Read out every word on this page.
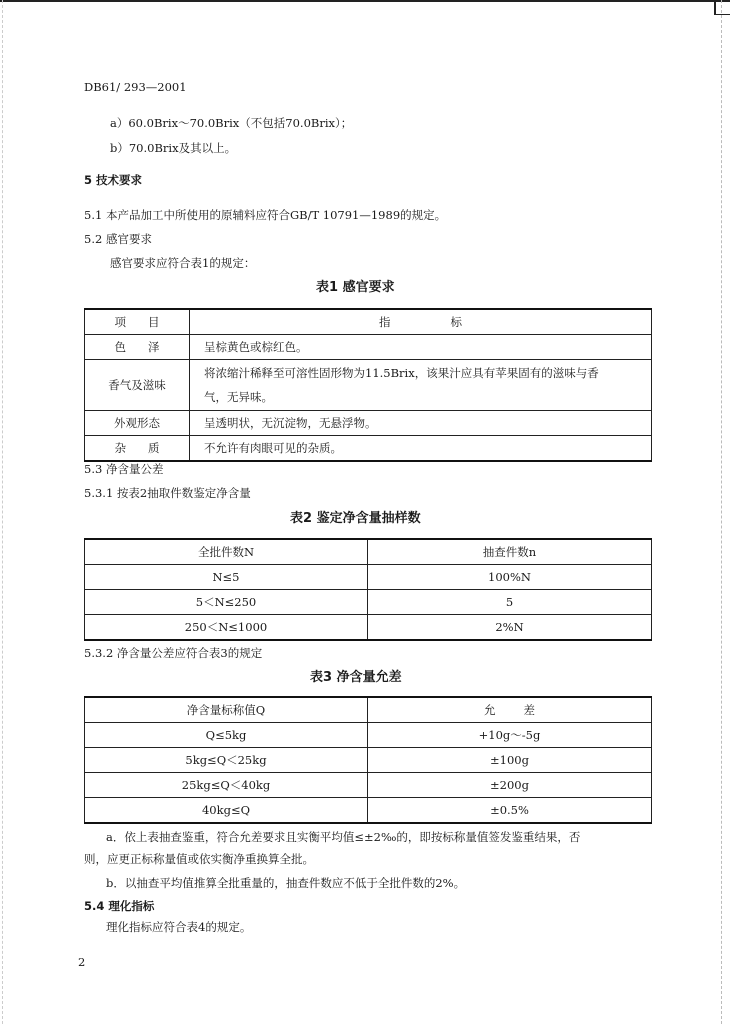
DB61/ 293—2001
a）60.0Brix～70.0Brix（不包括70.0Brix）；
b）70.0Brix及其以上。
5 技术要求
5.1 本产品加工中所使用的原辅料应符合GB/T 10791—1989的规定。
5.2 感官要求
感官要求应符合表1的规定：
表1 感官要求
项目	指标
色泽	呈棕黄色或棕红色。
香气及滋味	将浓缩汁稀释至可溶性固形物为11.5Brix，该果汁应具有苹果固有的滋味与香
气，无异味。

外观形态	呈透明状，无沉淀物，无悬浮物。
杂质	不允许有肉眼可见的杂质。
5.3 净含量公差
5.3.1 按表2抽取件数鉴定净含量
表2 鉴定净含量抽样数
全批件数N	抽查件数n
N≤5	100%N
5＜N≤250	5
250＜N≤1000	2%N
5.3.2 净含量公差应符合表3的规定
表3 净含量允差
净含量标称值Q	允差
Q≤5kg	+10g～-5g
5kg≤Q＜25kg	±100g
25kg≤Q＜40kg	±200g
40kg≤Q	±0.5%
a．依上表抽查鉴重，符合允差要求且实衡平均值≤±2‰的，即按标称量值签发鉴重结果，否
则，应更正标称量值或依实衡净重换算全批。
b．以抽查平均值推算全批重量的，抽查件数应不低于全批件数的2%。
5.4 理化指标
理化指标应符合表4的规定。
2
